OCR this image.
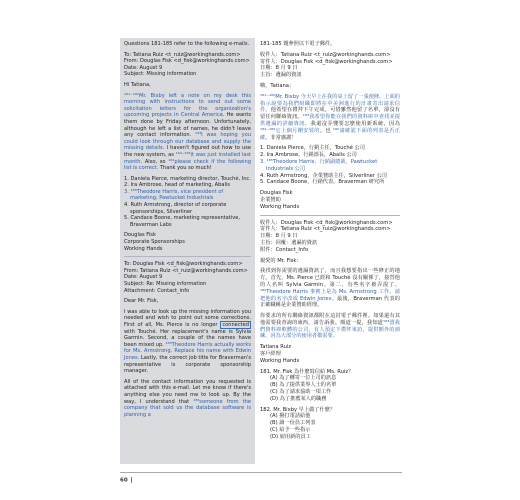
Questions 181-185 refer to the following e-mails.
To: Tatiana Ruiz <t_ruiz@workinghands.com>
From: Douglas Fisk <d_fisk@workinghands.com>
Date: August 9
Subject: Missing information
Hi Tatiana,
¹⁸¹⁻¹⁸²Mr. Bixby left a note on my desk this morning with instructions to send out some solicitation letters for the organization's upcoming projects in Central America. He wants them done by Friday afternoon. Unfortunately, although he left a list of names, he didn't leave any contact information. ¹⁸³I was hoping you could look through our database and supply the missing details. I haven't figured out how to use the new system, as ¹⁸⁴⁻¹⁸⁵it was just installed last month. Also, so ¹⁸²please check if the following list is correct. Thank you so much!
1. Daniela Pierce, marketing director, Touché, Inc.
2. Ira Ambrose, head of marketing, Abalis
3. ¹⁸⁵Theodore Harris, vice president of marketing, Pawtucket Industrials
4. Ruth Armstrong, director of corporate sponsorships, Silverliner
5. Candace Boone, marketing representative, Braverman Labs
Douglas Fisk
Corporate Sponsorships
Working Hands
To: Douglas Fisk <d_fisk@workinghands.com>
From: Tatiana Ruiz <t_ruiz@workinghands.com>
Date: August 9
Subject: Re: Missing information
Attachment: Contact_info
Dear Mr. Fisk,
I was able to look up the missing information you needed and wish to point out some corrections. First of all, Ms. Pierce is no longer connected with Touché. Her replacement's name is Sylvia Garmin. Second, a couple of the names have been mixed up. ¹⁸⁵Theodore Harris actually works for Ms. Armstrong. Replace his name with Edwin Jones. Lastly, the correct job title for Braverman's representative is corporate sponsorship manager.
All of the contact information you requested is attached with this e-mail. Let me know if there's anything else you need me to look up. By the way, I understand that ¹⁸³someone from the company that sold us the database software is planning a
181-185 題參照以下電子郵件。
收件人：Tatiana Ruiz <t_ruiz@workinghands.com>
寄件人：Douglas Fisk <d_fisk@workinghands.com>
日期：8 月 9 日
主旨：遺漏的資訊
嗨，Tatiana：
¹⁸¹⁻¹⁸²Mr. Bixby 今天早上在我的桌上留了一張便條，上面的指示說要為我們組織即將在中美洲進行的計畫寄出請求信件。他希望在禮拜下午完成。可惜雖然他留了名單，卻沒有留任何聯絡資訊。¹⁸³我希望你能在我們的資料庫中查找並提供遺漏的詳細資訊。我還沒弄懂要怎麼使用新系統，因為¹⁸⁴⁻¹⁸⁵它上個月剛安裝的。也 ¹⁸²請確認下面的列表是否正確。非常感謝！
1. Daniela Pierce，行銷主任，Touché 公司
2. Ira Ambrose，行銷部長，Abalis 公司
3. ¹⁸⁵Theodore Harris，行銷副總裁，Pawtucket Industrials 公司
4. Ruth Armstrong，企業贊助主任，Silverliner 公司
5. Candace Boone，行銷代表，Braverman 研究所
Douglas Fisk
企業贊助
Working Hands
收件人：Douglas Fisk <d_fisk@workinghands.com>
寄件人：Tatiana Ruiz <t_ruiz@workinghands.com>
日期：8 月 9 日
主旨：回覆：遺漏的資訊
附件：Contact_Info
親愛的 Mr. Fisk：
我找到你需要的遺漏資訊了，而且我想要指出一些修正的地方。首先，Ms. Pierce 已經和 Touché 沒有關係了，接替他的人名叫 Sylvia Garmin。第二，有些名字被弄混了。¹⁸⁵Theodore Harris 事實上是為 Ms. Armstrong 工作。請把他的名字改成 Edwin Jones。最後，Braverman 代表的正確職稱是企業贊助經理。
你要求的所有聯絡資訊都附在這封電子郵件裡。如果還有其他需要我查詢的東西，請告訴我。順道一提，我知道¹⁸³賣我們資料庫軟體的公司，有人預定下禮拜來訪，提供額外的訓練，因為大部分的使用者都需要。
Tatiana Ruiz
客戶經理
Working Hands
181. Mr. Fisk 為什麼寫信給 Ms. Ruiz？
(A) 為了轉寄一位上司的訊息
(B) 為了提供業界人士的名單
(C) 為了請求協助一項工作
(D) 為了推薦某人的職務
182. Mr. Bixby 早上做了什麼？
(A) 撥打電話給他
(B) 讀一份員工列表
(C) 給予一些指示
(D) 雇用新的員工
60
